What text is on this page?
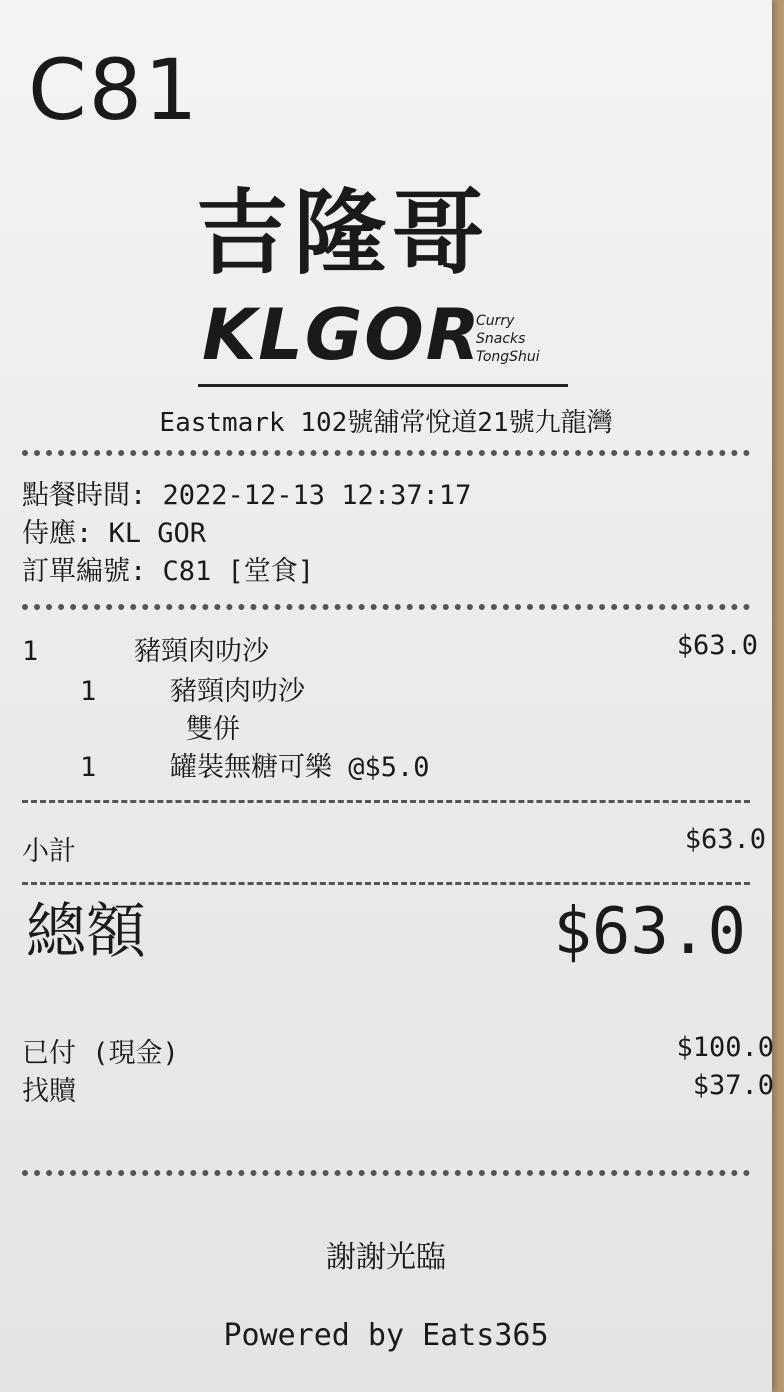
C81
吉隆哥
KLGOR
Curry
Snacks
TongShui
Eastmark 102號舖常悅道21號九龍灣
點餐時間: 2022-12-13 12:37:17
侍應: KL GOR
訂單編號: C81 [堂食]
1	豬頸肉叻沙	$63.0
1	豬頸肉叻沙
雙併
1	罐裝無糖可樂 @$5.0
小計	$63.0
總額	$63.0
已付 (現金)	$100.0
找贖	$37.0
謝謝光臨
Powered by Eats365
